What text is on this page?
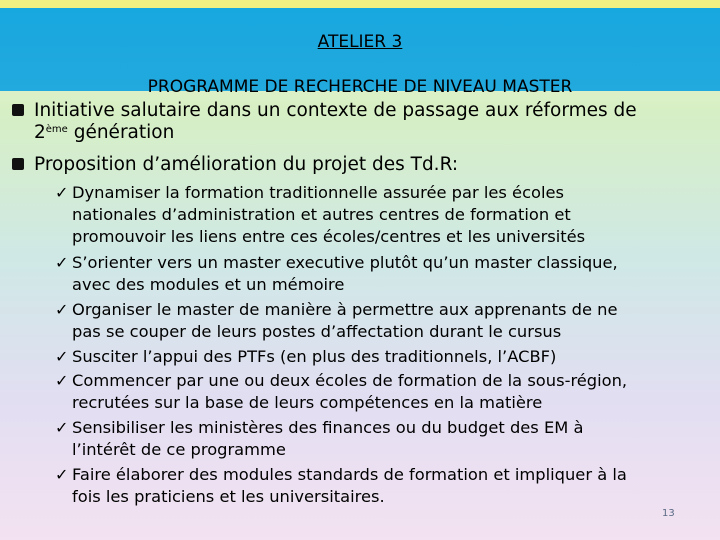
ATELIER 3
PROGRAMME DE RECHERCHE DE NIVEAU MASTER
Initiative salutaire dans un contexte de passage aux réformes de
2ème génération
Proposition d’amélioration du projet des Td.R:
✓ Dynamiser la formation traditionnelle assurée par les écoles
nationales d’administration et autres centres de formation et
promouvoir les liens entre ces écoles/centres et les universités
✓ S’orienter vers un master executive plutôt qu’un master classique,
avec des modules et un mémoire
✓ Organiser le master de manière à permettre aux apprenants de ne
pas se couper de leurs postes d’affectation durant le cursus
✓ Susciter l’appui des PTFs (en plus des traditionnels, l’ACBF)
✓ Commencer par une ou deux écoles de formation de la sous-région,
recrutées sur la base de leurs compétences en la matière
✓ Sensibiliser les ministères des finances ou du budget des EM à
l’intérêt de ce programme
✓ Faire élaborer des modules standards de formation et impliquer à la
fois les praticiens et les universitaires.
13
